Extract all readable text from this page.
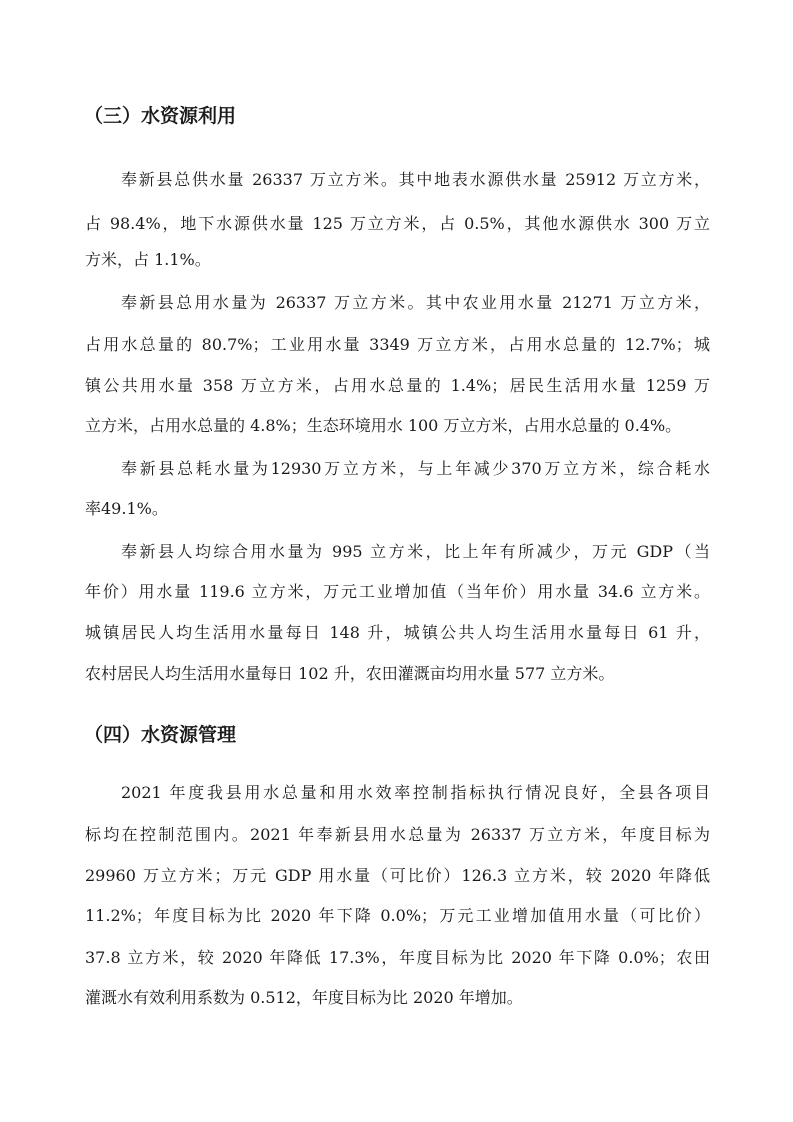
（三）水资源利用
奉新县总供水量 26337 万立方米。其中地表水源供水量 25912 万立方米，
占 98.4%，地下水源供水量 125 万立方米，占 0.5%，其他水源供水 300 万立
方米，占 1.1%。
奉新县总用水量为 26337 万立方米。其中农业用水量 21271 万立方米，
占用水总量的 80.7%；工业用水量 3349 万立方米，占用水总量的 12.7%；城
镇公共用水量 358 万立方米，占用水总量的 1.4%；居民生活用水量 1259 万
立方米，占用水总量的 4.8%；生态环境用水 100 万立方米，占用水总量的 0.4%。
奉新县总耗水量为12930万立方米，与上年减少370万立方米，综合耗水
率49.1%。
奉新县人均综合用水量为 995 立方米，比上年有所减少，万元 GDP（当
年价）用水量 119.6 立方米，万元工业增加值（当年价）用水量 34.6 立方米。
城镇居民人均生活用水量每日 148 升，城镇公共人均生活用水量每日 61 升，
农村居民人均生活用水量每日 102 升，农田灌溉亩均用水量 577 立方米。
（四）水资源管理
2021 年度我县用水总量和用水效率控制指标执行情况良好，全县各项目
标均在控制范围内。2021 年奉新县用水总量为 26337 万立方米，年度目标为
29960 万立方米；万元 GDP 用水量（可比价）126.3 立方米，较 2020 年降低
11.2%；年度目标为比 2020 年下降 0.0%；万元工业增加值用水量（可比价）
37.8 立方米，较 2020 年降低 17.3%，年度目标为比 2020 年下降 0.0%；农田
灌溉水有效利用系数为 0.512，年度目标为比 2020 年增加。
